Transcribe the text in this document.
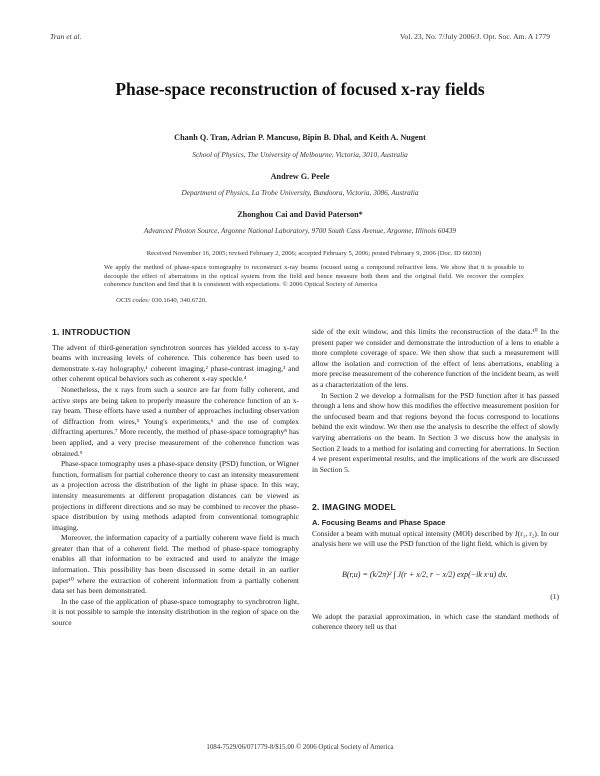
Tran et al.	Vol. 23, No. 7/July 2006/J. Opt. Soc. Am. A 1779
Phase-space reconstruction of focused x-ray fields
Chanh Q. Tran, Adrian P. Mancuso, Bipin B. Dhal, and Keith A. Nugent
School of Physics, The University of Melbourne, Victoria, 3010, Australia
Andrew G. Peele
Department of Physics, La Trobe University, Bundoora, Victoria, 3086, Australia
Zhonghou Cai and David Paterson*
Advanced Photon Source, Argonne National Laboratory, 9700 South Cass Avenue, Argonne, Illinois 60439
Received November 16, 2005; revised February 2, 2006; accepted February 5, 2006; posted February 9, 2006 (Doc. ID 66030)
We apply the method of phase-space tomography to reconstruct x-ray beams focused using a compound refractive lens. We show that it is possible to decouple the effect of aberrations in the optical system from the field and hence measure both them and the original field. We recover the complex coherence function and find that it is consistent with expectations. © 2006 Optical Society of America
OCIS codes: 030.1640, 340.6720.
1. INTRODUCTION

The advent of third-generation synchrotron sources has yielded access to x-ray beams with increasing levels of coherence. This coherence has been used to demonstrate x-ray holography,¹ coherent imaging,² phase-contrast imaging,³ and other coherent optical behaviors such as coherent x-ray speckle.⁴

Nonetheless, the x rays from such a source are far from fully coherent, and active steps are being taken to properly measure the coherence function of an x-ray beam. These efforts have used a number of approaches including observation of diffraction from wires,⁵ Young's experiments,⁶ and the use of complex diffracting apertures.⁷ More recently, the method of phase-space tomography⁸ has been applied, and a very precise measurement of the coherence function was obtained.⁹

Phase-space tomography uses a phase-space density (PSD) function, or Wigner function, formalism for partial coherence theory to cast an intensity measurement as a projection across the distribution of the light in phase space. In this way, intensity measurements at different propagation distances can be viewed as projections in different directions and so may be combined to recover the phase-space distribution by using methods adapted from conventional tomographic imaging.

Moreover, the information capacity of a partially coherent wave field is much greater than that of a coherent field. The method of phase-space tomography enables all that information to be extracted and used to analyze the image information. This possibility has been discussed in some detail in an earlier paper¹⁰ where the extraction of coherent information from a partially coherent data set has been demonstrated.

In the case of the application of phase-space tomography to synchrotron light, it is not possible to sample the intensity distribution in the region of space on the source

side of the exit window, and this limits the reconstruction of the data.¹⁰ In the present paper we consider and demonstrate the introduction of a lens to enable a more complete coverage of space. We then show that such a measurement will allow the isolation and correction of the effect of lens aberrations, enabling a more precise measurement of the coherence function of the incident beam, as well as a characterization of the lens.

In Section 2 we develop a formalism for the PSD function after it has passed through a lens and show how this modifies the effective measurement position for the unfocused beam and that regions beyond the focus correspond to locations behind the exit window. We then use the analysis to describe the effect of slowly varying aberrations on the beam. In Section 3 we discuss how the analysis in Section 2 leads to a method for isolating and correcting for aberrations. In Section 4 we present experimental results, and the implications of the work are discussed in Section 5.

2. IMAGING MODEL
A. Focusing Beams and Phase Space

Consider a beam with mutual optical intensity (MOI) described by J(r₁, r₂). In our analysis here we will use the PSD function of the light field, which is given by

B(r,u) = (k/2π)² ∫ J(r + x/2, r − x/2) exp(−ik x·u) dx.
(1)

We adopt the paraxial approximation, in which case the standard methods of coherence theory tell us that

1084-7529/06/071779-8/$15.00 © 2006 Optical Society of America
